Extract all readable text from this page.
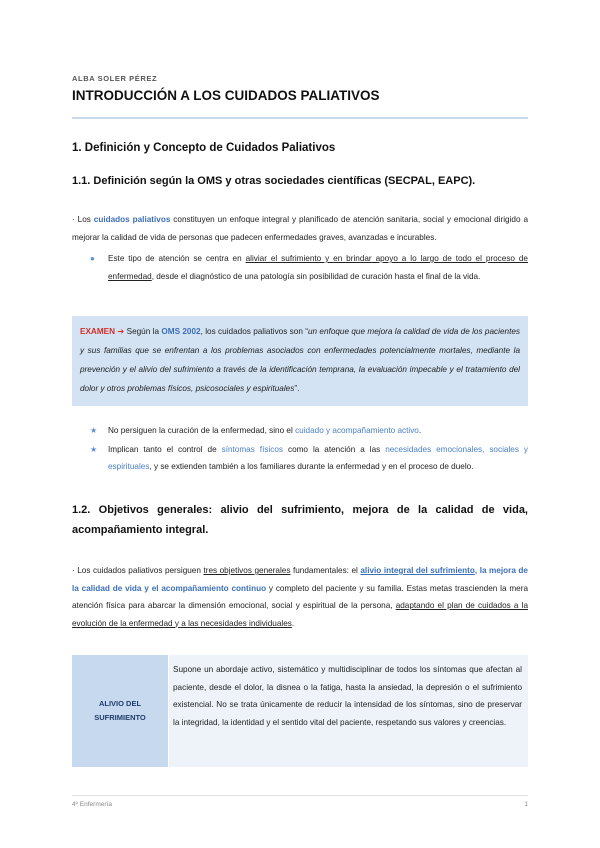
ALBA SOLER PÉREZ
INTRODUCCIÓN A LOS CUIDADOS PALIATIVOS
1. Definición y Concepto de Cuidados Paliativos
1.1. Definición según la OMS y otras sociedades científicas (SECPAL, EAPC).

· Los cuidados paliativos constituyen un enfoque integral y planificado de atención sanitaria, social y emocional dirigido a mejorar la calidad de vida de personas que padecen enfermedades graves, avanzadas e incurables.

● Este tipo de atención se centra en aliviar el sufrimiento y en brindar apoyo a lo largo de todo el proceso de enfermedad, desde el diagnóstico de una patología sin posibilidad de curación hasta el final de la vida.

EXAMEN ➔ Según la OMS 2002, los cuidados paliativos son “un enfoque que mejora la calidad de vida de los pacientes y sus familias que se enfrentan a los problemas asociados con enfermedades potencialmente mortales, mediante la prevención y el alivio del sufrimiento a través de la identificación temprana, la evaluación impecable y el tratamiento del dolor y otros problemas físicos, psicosociales y espirituales”.

★ No persiguen la curación de la enfermedad, sino el cuidado y acompañamiento activo.
★ Implican tanto el control de síntomas físicos como la atención a las necesidades emocionales, sociales y espirituales, y se extienden también a los familiares durante la enfermedad y en el proceso de duelo.
1.2. Objetivos generales: alivio del sufrimiento, mejora de la calidad de vida, acompañamiento integral.

· Los cuidados paliativos persiguen tres objetivos generales fundamentales: el alivio integral del sufrimiento, la mejora de la calidad de vida y el acompañamiento continuo y completo del paciente y su familia. Estas metas trascienden la mera atención física para abarcar la dimensión emocional, social y espiritual de la persona, adaptando el plan de cuidados a la evolución de la enfermedad y a las necesidades individuales.

ALIVIO DEL
SUFRIMIENTO

Supone un abordaje activo, sistemático y multidisciplinar de todos los síntomas que afectan al paciente, desde el dolor, la disnea o la fatiga, hasta la ansiedad, la depresión o el sufrimiento existencial. No se trata únicamente de reducir la intensidad de los síntomas, sino de preservar la integridad, la identidad y el sentido vital del paciente, respetando sus valores y creencias.

4º Enfermería	1
